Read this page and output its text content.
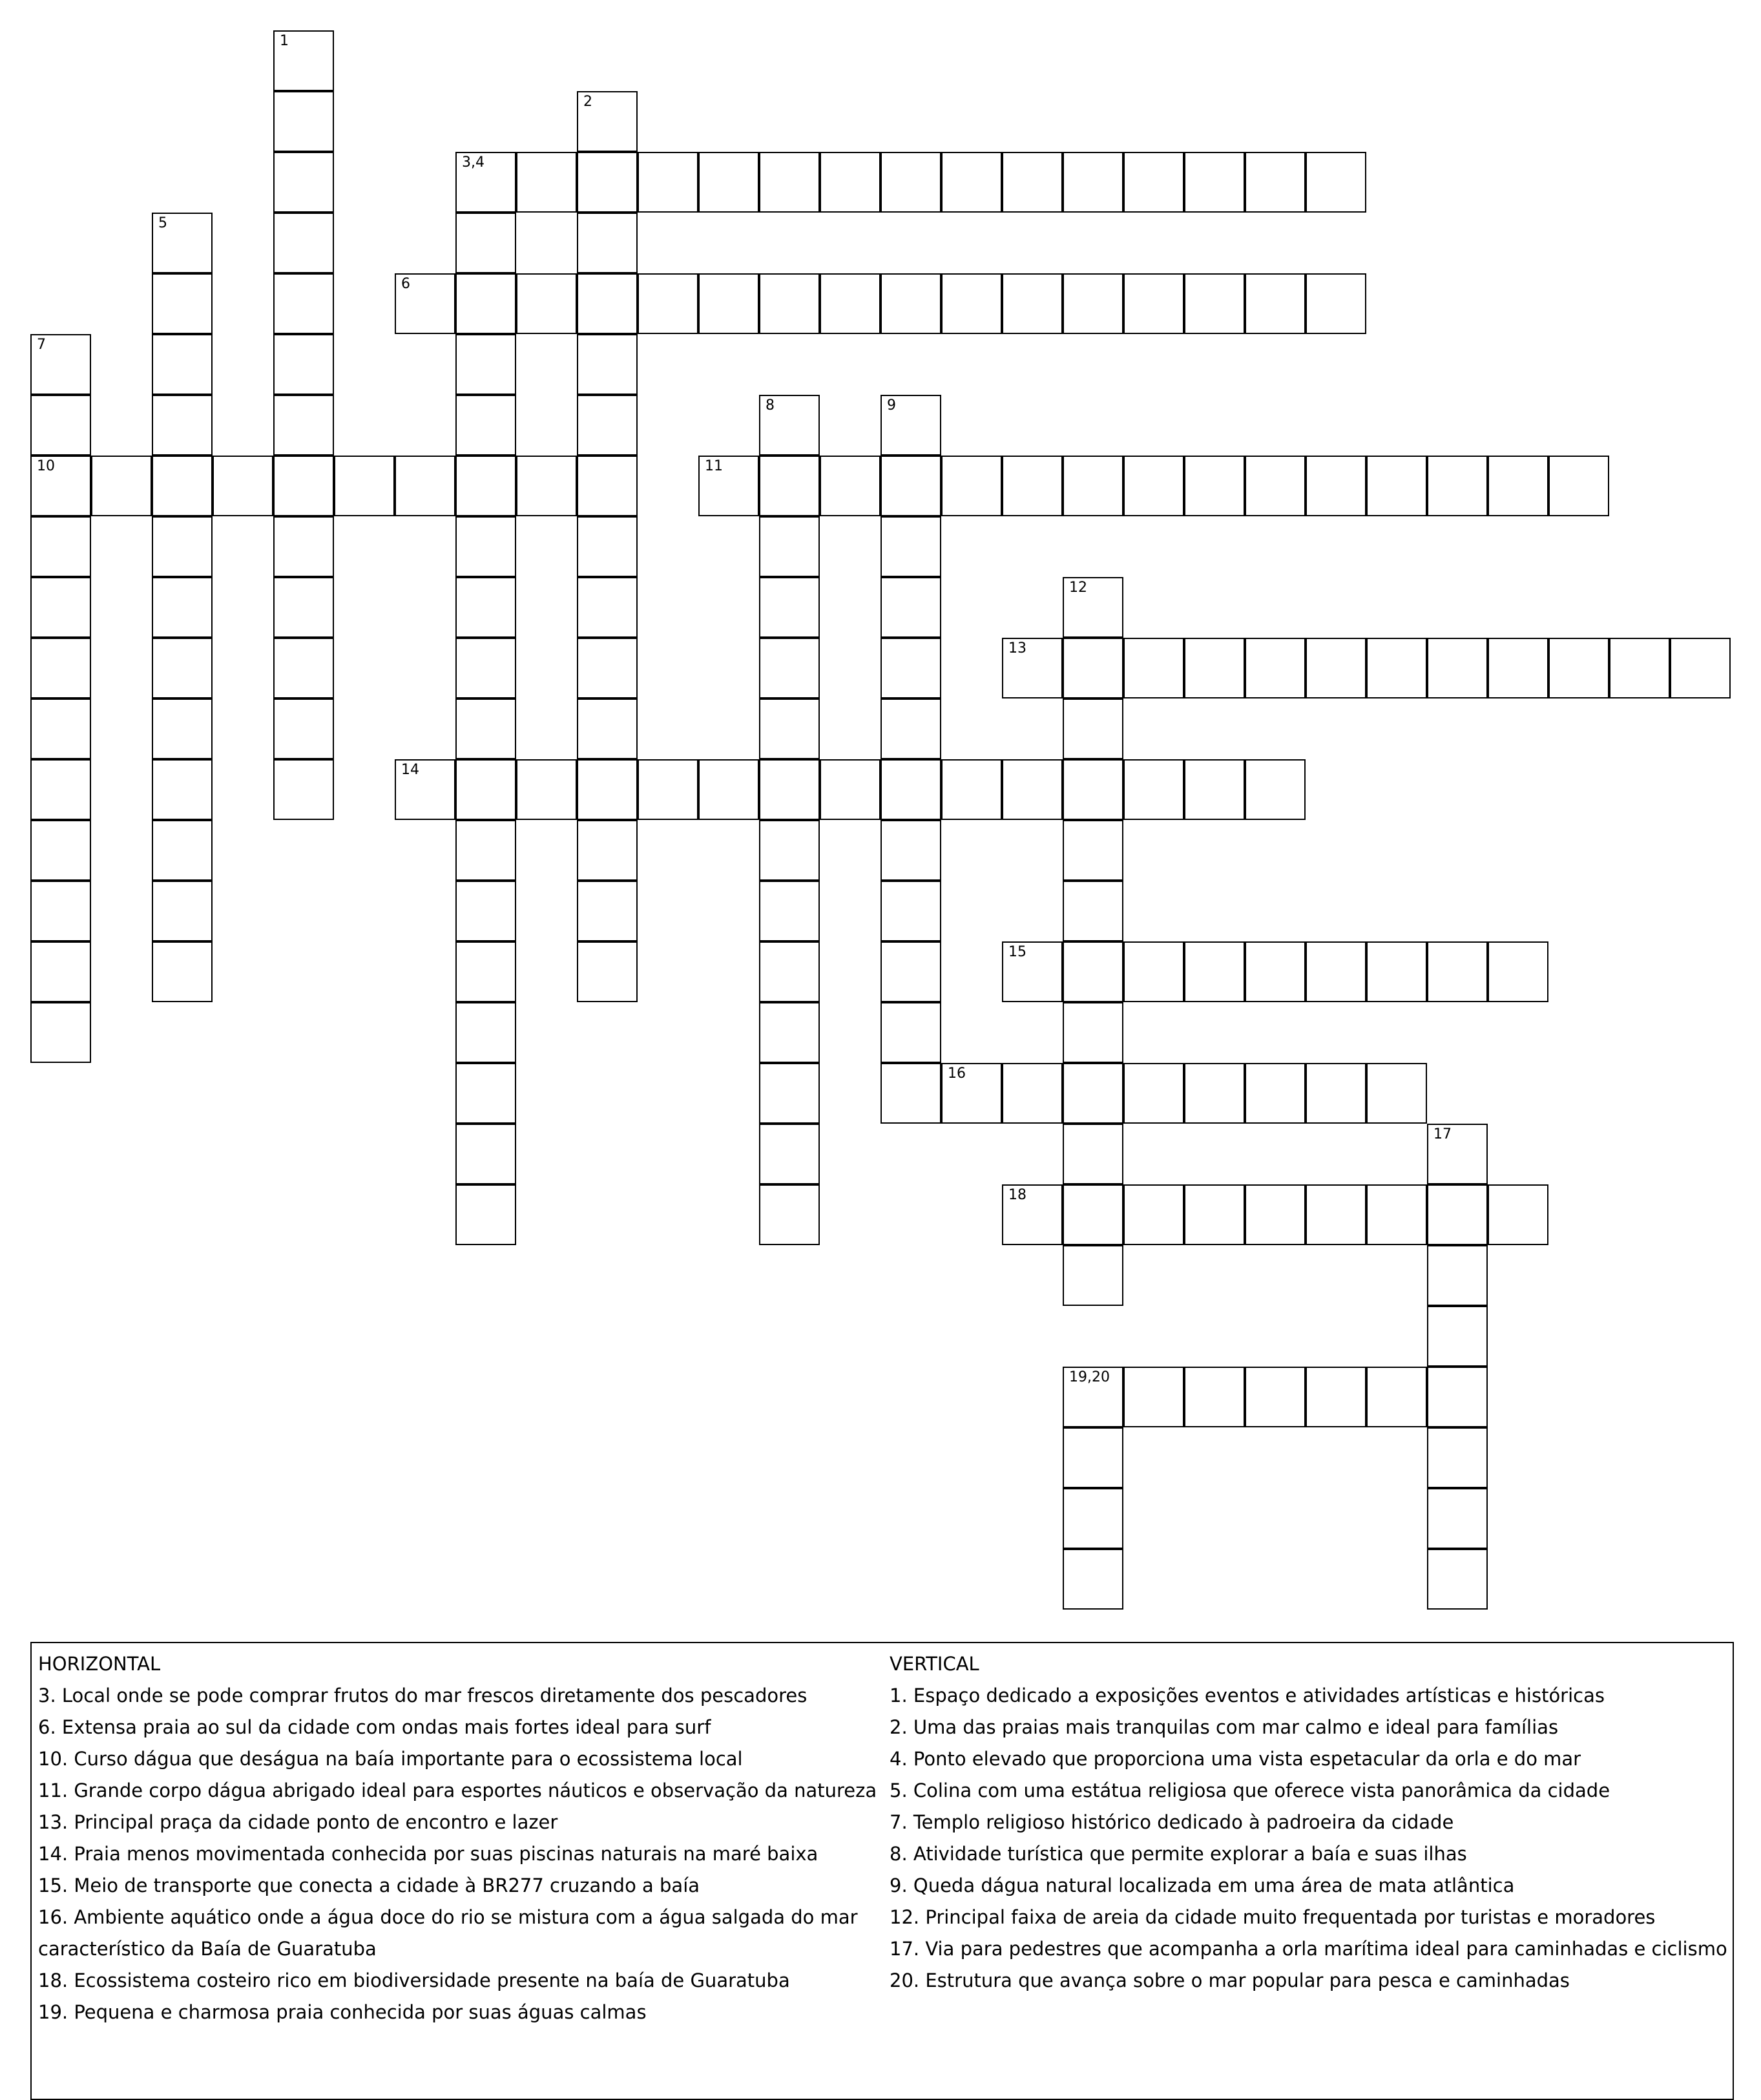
1
2
3,4
5
6
7
10
8	9
11
12
13
14
15
16
17
18
19,20
HORIZONTAL
3. Local onde se pode comprar frutos do mar frescos diretamente dos pescadores
6. Extensa praia ao sul da cidade com ondas mais fortes ideal para surf
10. Curso dágua que deságua na baía importante para o ecossistema local
11. Grande corpo dágua abrigado ideal para esportes náuticos e observação da natureza
13. Principal praça da cidade ponto de encontro e lazer
14. Praia menos movimentada conhecida por suas piscinas naturais na maré baixa
15. Meio de transporte que conecta a cidade à BR277 cruzando a baía
16. Ambiente aquático onde a água doce do rio se mistura com a água salgada do mar
característico da Baía de Guaratuba
18. Ecossistema costeiro rico em biodiversidade presente na baía de Guaratuba
19. Pequena e charmosa praia conhecida por suas águas calmas
VERTICAL
1. Espaço dedicado a exposições eventos e atividades artísticas e históricas
2. Uma das praias mais tranquilas com mar calmo e ideal para famílias
4. Ponto elevado que proporciona uma vista espetacular da orla e do mar
5. Colina com uma estátua religiosa que oferece vista panorâmica da cidade
7. Templo religioso histórico dedicado à padroeira da cidade
8. Atividade turística que permite explorar a baía e suas ilhas
9. Queda dágua natural localizada em uma área de mata atlântica
12. Principal faixa de areia da cidade muito frequentada por turistas e moradores
17. Via para pedestres que acompanha a orla marítima ideal para caminhadas e ciclismo
20. Estrutura que avança sobre o mar popular para pesca e caminhadas
